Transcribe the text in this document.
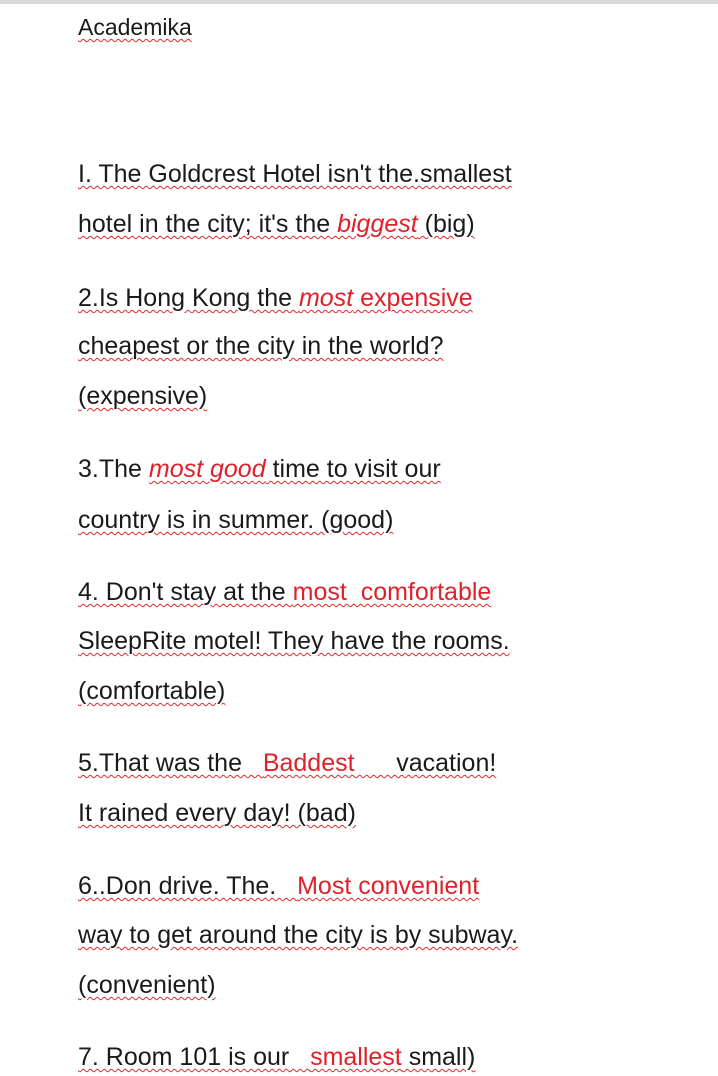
Academika
I. The Goldcrest Hotel isn't the.smallest
hotel in the city; it's the biggest (big)
2.Is Hong Kong the most expensive
cheapest or the city in the world?
(expensive)
3.The most good time to visit our
country is in summer. (good)
4. Don't stay at the most  comfortable
SleepRite motel! They have the rooms.
(comfortable)
5.That was the   Baddest      vacation!
It rained every day! (bad)
6..Don drive. The.   Most convenient
way to get around the city is by subway.
(convenient)
7. Room 101 is our   smallest small)
